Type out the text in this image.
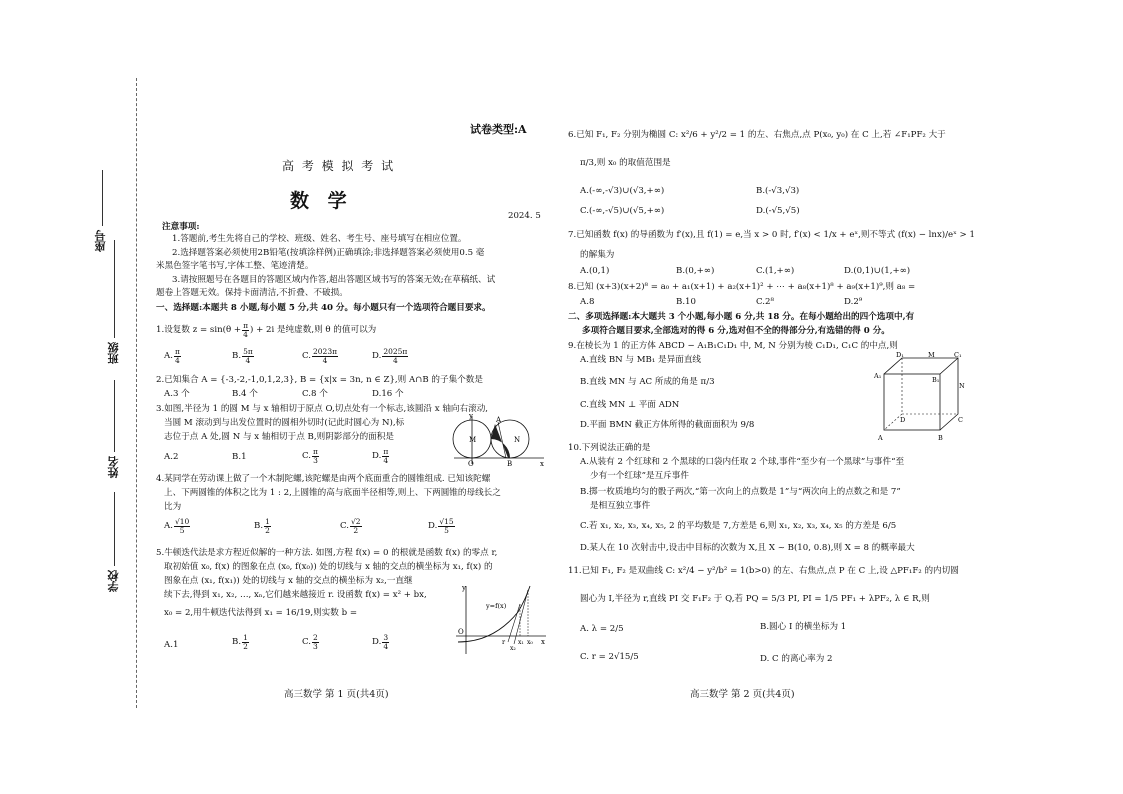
座号
班级
姓名
学校
试卷类型:A
高 考 模 拟 考 试
数 学
2024. 5
注意事项:
1.答题前,考生先将自己的学校、班级、姓名、考生号、座号填写在相应位置。
2.选择题答案必须使用2B铅笔(按填涂样例)正确填涂;非选择题答案必须使用0.5 毫
米黑色签字笔书写,字体工整、笔迹清楚。
3.请按照题号在各题目的答题区域内作答,超出答题区域书写的答案无效;在草稿纸、试
题卷上答题无效。保持卡面清洁,不折叠、不破损。
一、选择题:本题共 8 小题,每小题 5 分,共 40 分。每小题只有一个选项符合题目要求。
1.设复数 $z = \sin(\theta + \frac{\pi}{4}$ ) + 2i 是纯虚数,则 θ 的值可以为
A. $\frac{\pi}{4}$	B. $\frac{5\pi}{4}$	C. $\frac{2023\pi}{4}$	D. $\frac{2025\pi}{4}$
2.已知集合 A = {-3,-2,-1,0,1,2,3}, B = {x|x = 3n, n ∈ Z},则 A∩B 的子集个数是
A.3 个	B.4 个	C.8 个	D.16 个
3.如图,半径为 1 的圆 M 与 x 轴相切于原点 O,切点处有一个标志,该圆沿 x 轴向右滚动,
当圆 M 滚动到与出发位置时的圆相外切时(记此时圆心为 N),标
志位于点 A 处,圆 N 与 x 轴相切于点 B,则阴影部分的面积是
y
M	N
A
O	B	x
A. 2	B. 1	C. $\frac{\pi}{3}$	D. $\frac{\pi}{4}$
4.某同学在劳动课上做了一个木制陀螺,该陀螺是由两个底面重合的圆锥组成. 已知该陀螺
上、下两圆锥的体积之比为 1 : 2,上圆锥的高与底面半径相等,则上、下两圆锥的母线长之
比为
A. $\frac{√10}{5}$	B. $\frac{1}{2}$	C. $\frac{√2}{2}$	D. $\frac{√15}{5}$
5.牛顿迭代法是求方程近似解的一种方法. 如图,方程 f(x) = 0 的根就是函数 f(x) 的零点 r,
取初始值 x₀, f(x) 的图象在点 (x₀, f(x₀)) 处的切线与 x 轴的交点的横坐标为 x₁, f(x) 的
图象在点 (x₁, f(x₁)) 处的切线与 x 轴的交点的横坐标为 x₂,一直继
续下去,得到 x₁, x₂, …, xₙ,它们越来越接近 r. 设函数 f(x) = x² + bx,
x₀ = 2,用牛顿迭代法得到 x₁ = 16/19,则实数 b =
y
y=f(x)
O
r
x₂
x₁ x₀ x
A. 1	B. $\frac{1}{2}$	C. $\frac{2}{3}$	D. $\frac{3}{4}$
高三数学 第 1 页(共4页)
6.已知 F₁, F₂ 分别为椭圆 C: x²/6 + y²/2 = 1 的左、右焦点,点 P(x₀, y₀) 在 C 上,若 ∠F₁PF₂ 大于
π/3,则 x₀ 的取值范围是
A.(-∞,-√3)∪(√3,+∞)	B.(-√3,√3)
C.(-∞,-√5)∪(√5,+∞)	D.(-√5,√5)
7.已知函数 f(x) 的导函数为 f′(x),且 f(1) = e,当 x > 0 时, f′(x) < 1/x + eˣ,则不等式 (f(x) − lnx)/eˣ > 1
的解集为
A.(0,1)	B.(0,+∞)	C.(1,+∞)	D.(0,1)∪(1,+∞)
8.已知 (x+3)(x+2)⁸ = a₀ + a₁(x+1) + a₂(x+1)² + ⋯ + a₈(x+1)⁸ + a₉(x+1)⁹,则 a₈ =
A.8	B.10	C.2⁸	D.2⁹
二、多项选择题:本大题共 3 个小题,每小题 6 分,共 18 分。在每小题给出的四个选项中,有
多项符合题目要求,全部选对的得 6 分,选对但不全的得部分分,有选错的得 0 分。
9.在棱长为 1 的正方体 ABCD − A₁B₁C₁D₁ 中, M, N 分别为棱 C₁D₁, C₁C 的中点,则
A.直线 BN 与 MB₁ 是异面直线
B.直线 MN 与 AC 所成的角是 π/3
C.直线 MN ⊥ 平面 ADN
D.平面 BMN 截正方体所得的截面面积为 9/8
D₁	M	C₁
A₁	B₁
N
D	C
A	B
10.下列说法正确的是
A.从装有 2 个红球和 2 个黑球的口袋内任取 2 个球,事件“至少有一个黑球”与事件“至
少有一个红球”是互斥事件
B.掷一枚质地均匀的骰子两次,“第一次向上的点数是 1”与“两次向上的点数之和是 7”
是相互独立事件
C.若 x₁, x₂, x₃, x₄, x₅, 2 的平均数是 7,方差是 6,则 x₁, x₂, x₃, x₄, x₅ 的方差是 6/5
D.某人在 10 次射击中,设击中目标的次数为 X,且 X ~ B(10, 0.8),则 X = 8 的概率最大
11.已知 F₁, F₂ 是双曲线 C: x²/4 − y²/b² = 1(b>0) 的左、右焦点,点 P 在 C 上,设 △PF₁F₂ 的内切圆
圆心为 I,半径为 r,直线 PI 交 F₁F₂ 于 Q,若 PQ = 5/3 PI, PI = 1/5 PF₁ + λPF₂, λ ∈ R,则
A. λ = 2/5	B.圆心 I 的横坐标为 1
C. r = 2√15/5	D. C 的离心率为 2
高三数学 第 2 页(共4页)
